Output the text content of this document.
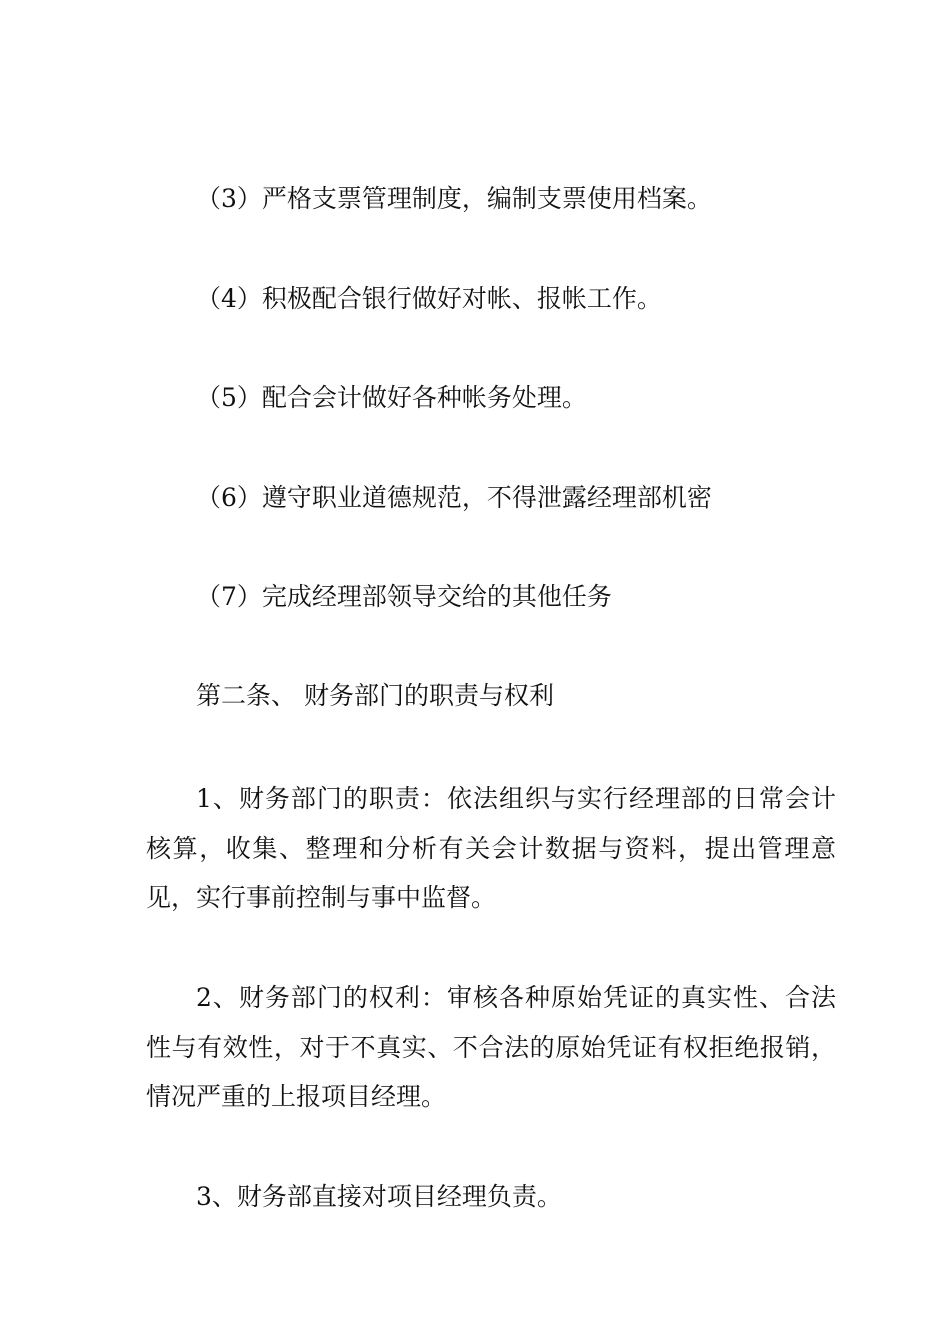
（3）严格支票管理制度，编制支票使用档案。
（4）积极配合银行做好对帐、报帐工作。
（5）配合会计做好各种帐务处理。
（6）遵守职业道德规范，不得泄露经理部机密
（7）完成经理部领导交给的其他任务
第二条、 财务部门的职责与权利
1、财务部门的职责：依法组织与实行经理部的日常会计核算，收集、整理和分析有关会计数据与资料，提出管理意见，实行事前控制与事中监督。
2、财务部门的权利：审核各种原始凭证的真实性、合法性与有效性，对于不真实、不合法的原始凭证有权拒绝报销，情况严重的上报项目经理。
3、财务部直接对项目经理负责。
